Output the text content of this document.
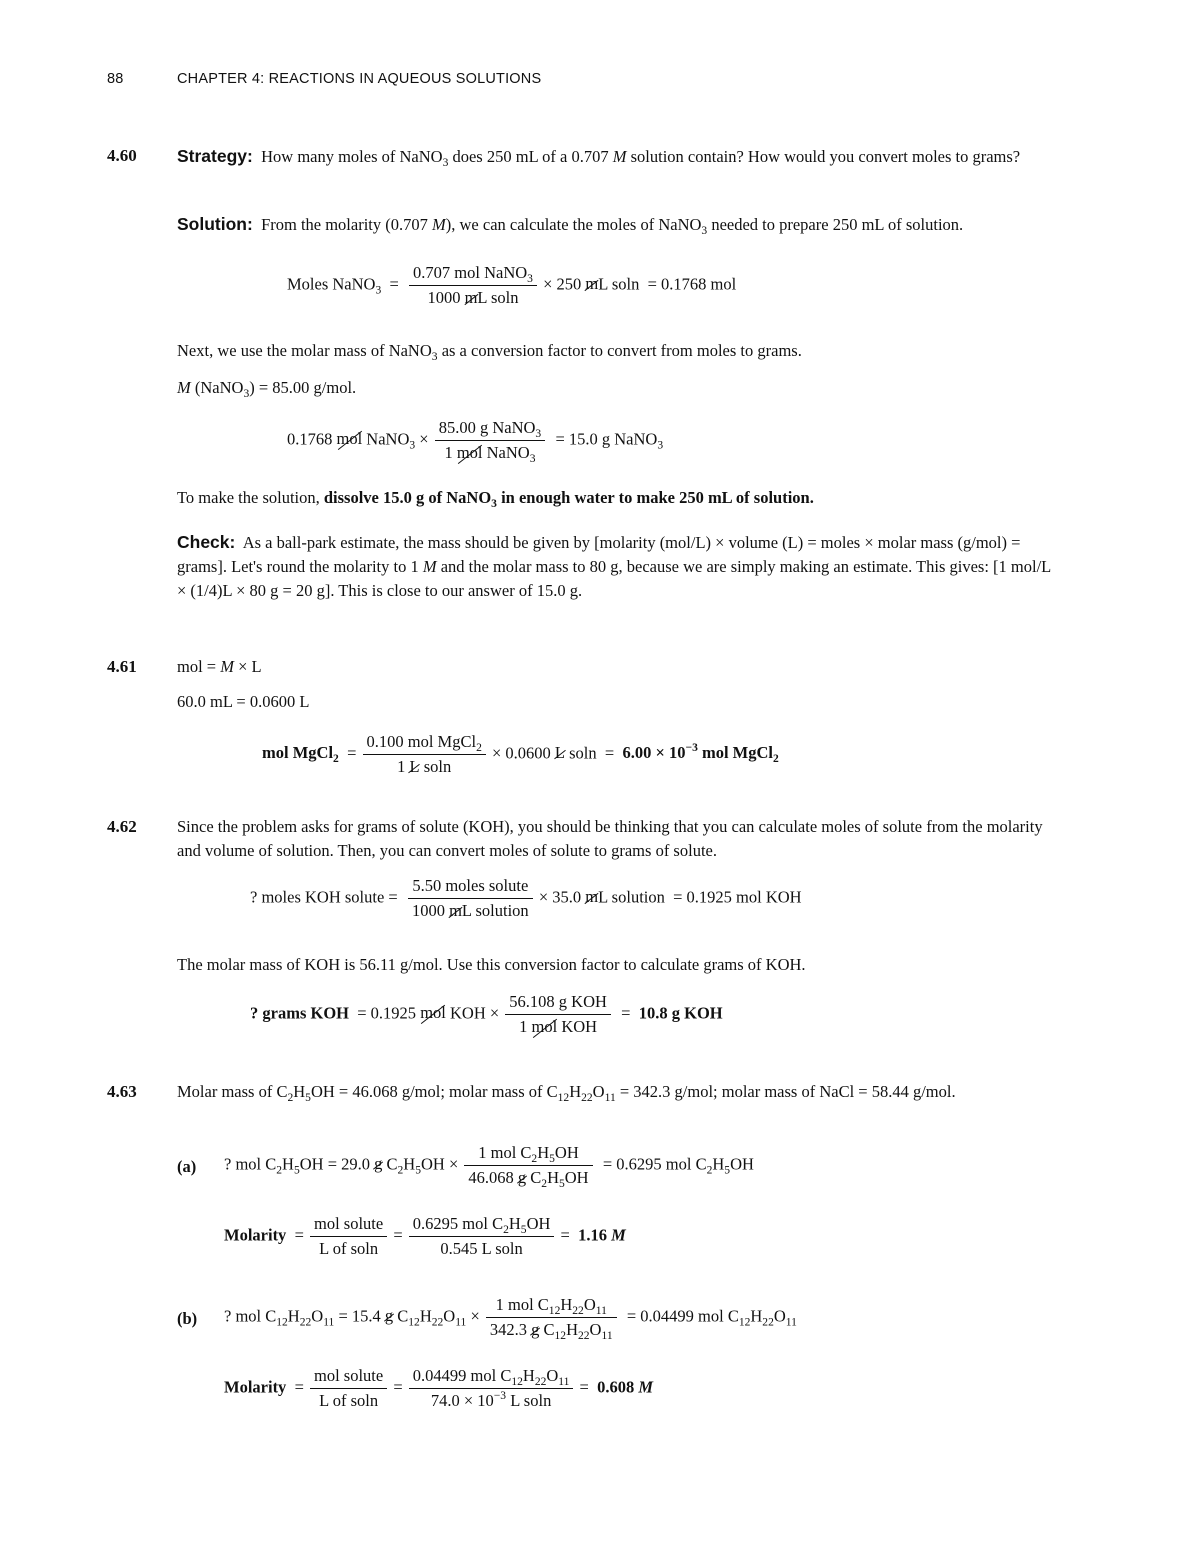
88	CHAPTER 4: REACTIONS IN AQUEOUS SOLUTIONS
4.60 Strategy: How many moles of NaNO$_3$ does 250 mL of a 0.707 M solution contain? How would you convert moles to grams?
Solution: From the molarity (0.707 M), we can calculate the moles of NaNO$_3$ needed to prepare 250 mL of solution.
Moles NaNO$_3$ = $\frac{0.707 mol NaNO_3}{\text{1000 mL soln}} \times 250$ mL soln = 0.1768 mol
Next, we use the molar mass of NaNO$_3$ as a conversion factor to convert from moles to grams.
M (NaNO$_3$) = 85.00 g/mol.
0.1768 mol NaNO$_3$ × $\frac{85.00 g NaNO_3}{1 mol NaNO_3} = 15.0$ g NaNO$_3$
To make the solution, dissolve 15.0 g of NaNO$_3$ in enough water to make 250 mL of solution.
Check: As a ball-park estimate, the mass should be given by [molarity (mol/L) × volume (L) = moles × molar mass (g/mol) = grams]. Let's round the molarity to 1 M and the molar mass to 80 g, because we are simply making an estimate. This gives: [1 mol/L × (1/4)L × 80 g = 20 g]. This is close to our answer of 15.0 g.
4.61 mol = M × L
60.0 mL = 0.0600 L
mol MgCl$_2$ = $\frac{0.100 mol MgCl_2}{\text{1 L soln}} \times 0.0600$ L $soln = 6.00 \times 10^{-3}$ mol MgCl$_2$
4.62 Since the problem asks for grams of solute (KOH), you should be thinking that you can calculate moles of solute from the molarity and volume of solution. Then, you can convert moles of solute to grams of solute.
? moles KOH solute = $\frac{\text{5.50 moles solute}}{\text{1000 mL solution}} \times 35.0$ mL solution = 0.1925 mol KOH
The molar mass of KOH is 56.11 g/mol. Use this conversion factor to calculate grams of KOH.
? grams KOH = 0.1925 mol KOH × $\frac{\text{56.108 g KOH}}{\text{1 mol KOH}} = 10.8$ g KOH
4.63 Molar mass of $C_2H_5OH = 46.068$ g/mol; molar mass of $C_{12}H_{22}O_{11} = 342.3$ g/mol; molar mass of NaCl = 58.44 g/mol.
(a) ? mol $C_2H_5OH = 29.0$ g $C_2H_5OH \times \frac{1 mol C_2H_5OH}{46.068 g C_2H_5OH} = 0.6295$ mol $C_2H_5OH$
Molarity = $\frac{\text{mol solute}}{\text{L of soln}} = \frac{0.6295 mol C_2H_5OH}{\text{0.545 L soln}} = 1.16$ M
(b) ? mol $C_{12}H_{22}O_{11} = 15.4$ g $C_{12}H_{22}O_{11} \times \frac{1 mol C_{12}H_{22}O_{11}}{342.3 g C_{12}H_{22}O_{11}} = 0.04499$ mol $C_{12}H_{22}O_{11}$
Molarity = $\frac{\text{mol solute}}{\text{L of soln}} = \frac{0.04499 mol C_{12}H_{22}O_{11}}{74.0 \times 10^{-3} L soln} = 0.608$ M
